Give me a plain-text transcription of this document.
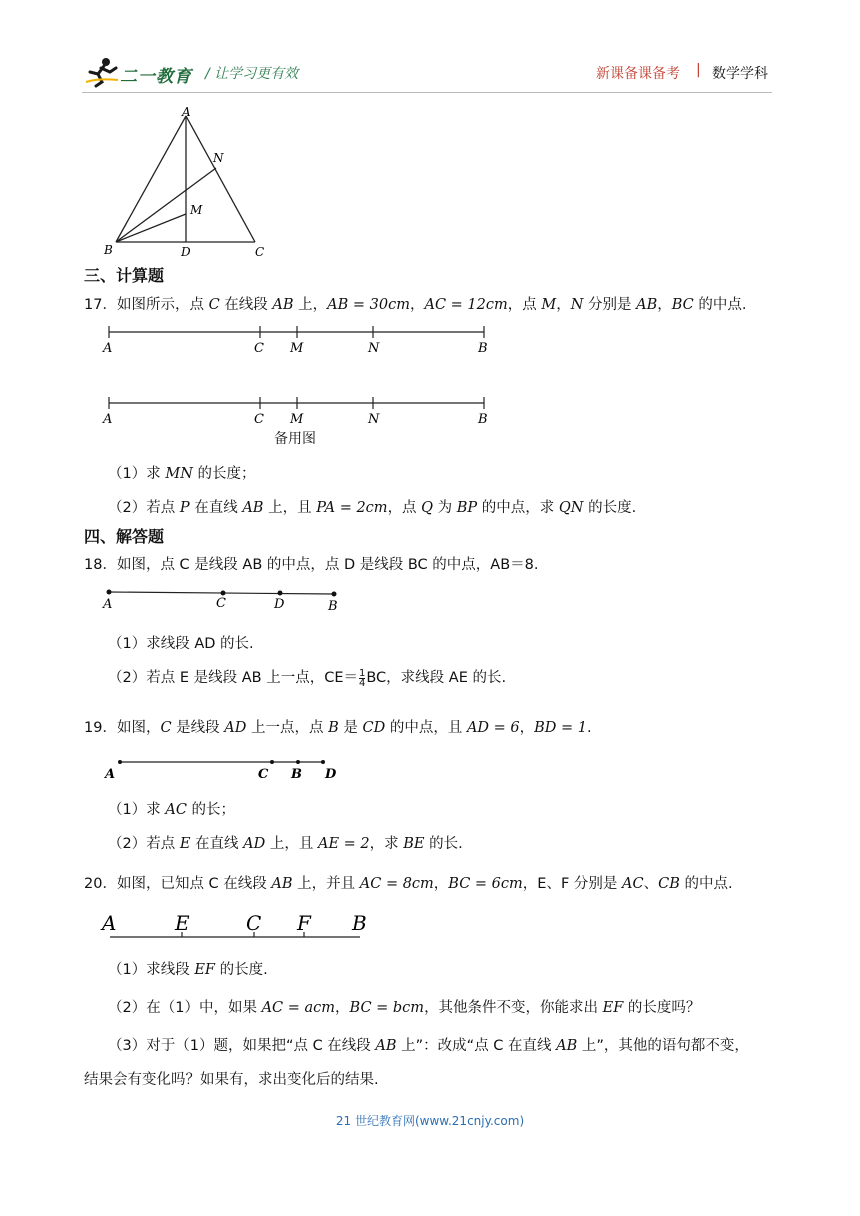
二一教育 / 让学习更有效	新课备课备考 | 数学学科
A
N
M
B	D	C
三、计算题
17．如图所示，点 C 在线段 AB 上，AB = 30cm，AC = 12cm，点 M，N 分别是 AB，BC 的中点.
A	C M	N	B
A	C M	N	B
备用图
（1）求 MN 的长度；
（2）若点 P 在直线 AB 上，且 PA = 2cm，点 Q 为 BP 的中点，求 QN 的长度.
四、解答题
18．如图，点 C 是线段 AB 的中点，点 D 是线段 BC 的中点，AB＝8.
A	C	D	B
（1）求线段 AD 的长.
（2）若点 E 是线段 AB 上一点，$CE= \frac{1}{4}$ BC，求线段 AE 的长.
19．如图，C 是线段 AD 上一点，点 B 是 CD 的中点，且 AD = 6，BD = 1.
A	C B D
（1）求 AC 的长；
（2）若点 E 在直线 AD 上，且 AE = 2，求 BE 的长.
20．如图，已知点 C 在线段 AB 上，并且 AC = 8cm，BC = 6cm，E、F 分别是 AC、CB 的中点.
A	E	C F B
（1）求线段 EF 的长度.
（2）在（1）中，如果 AC = acm，BC = bcm，其他条件不变，你能求出 EF 的长度吗？
（3）对于（1）题，如果把“点 C 在线段 AB 上”：改成“点 C 在直线 AB 上”，其他的语句都不变，
结果会有变化吗？如果有，求出变化后的结果.
21 世纪教育网(www.21cnjy.com)
